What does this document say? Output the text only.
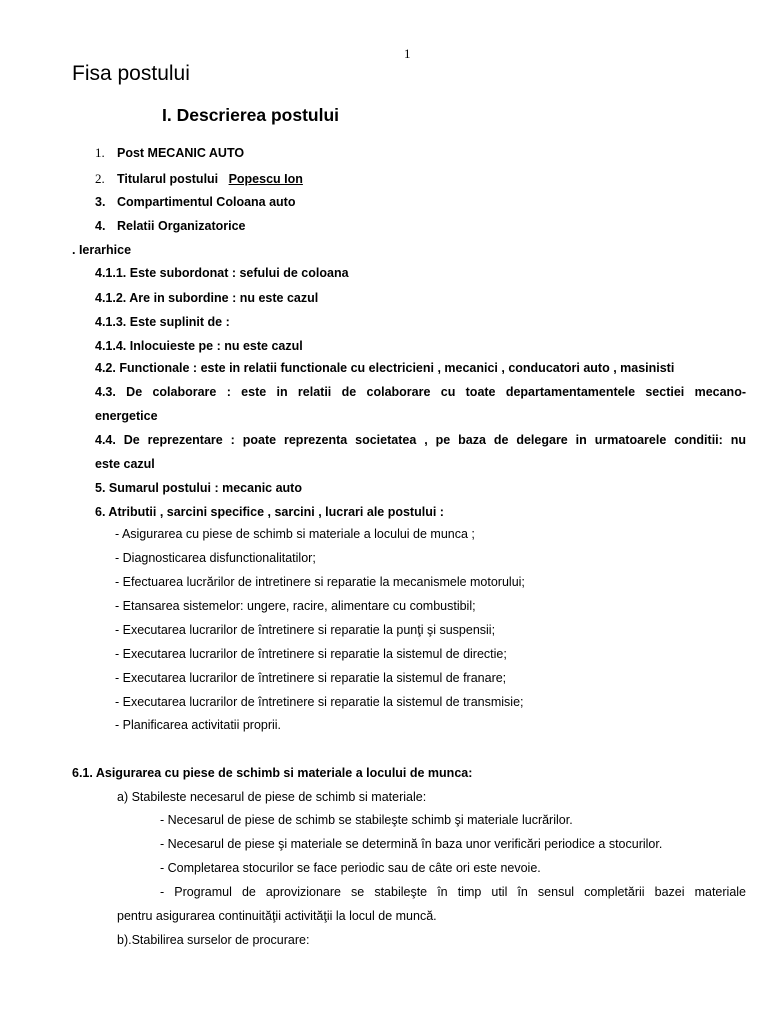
1
Fisa postului
I. Descrierea postului
1. Post MECANIC AUTO
2. Titularul postului Popescu Ion
3. Compartimentul Coloana auto
4. Relatii Organizatorice
. Ierarhice
4.1.1. Este subordonat : sefului de coloana
4.1.2. Are in subordine : nu este cazul
4.1.3. Este suplinit de :
4.1.4. Inlocuieste pe : nu este cazul
4.2. Functionale : este in relatii functionale cu electricieni , mecanici , conducatori auto , masinisti
4.3. De colaborare : este in relatii de colaborare cu toate departamentamentele sectiei mecano-
energetice
4.4. De reprezentare : poate reprezenta societatea , pe baza de delegare in urmatoarele conditii: nu
este cazul
5. Sumarul postului : mecanic auto
6. Atributii , sarcini specifice , sarcini , lucrari ale postului :
- Asigurarea cu piese de schimb si materiale a locului de munca ;
- Diagnosticarea disfunctionalitatilor;
- Efectuarea lucrărilor de intretinere si reparatie la mecanismele motorului;
- Etansarea sistemelor: ungere, racire, alimentare cu combustibil;
- Executarea lucrarilor de întretinere si reparatie la punţi şi suspensii;
- Executarea lucrarilor de întretinere si reparatie la sistemul de directie;
- Executarea lucrarilor de întretinere si reparatie la sistemul de franare;
- Executarea lucrarilor de întretinere si reparatie la sistemul de transmisie;
- Planificarea activitatii proprii.
6.1. Asigurarea cu piese de schimb si materiale a locului de munca:
a) Stabileste necesarul de piese de schimb si materiale:
- Necesarul de piese de schimb se stabileşte schimb şi materiale lucrărilor.
- Necesarul de piese şi materiale se determină în baza unor verificări periodice a stocurilor.
- Completarea stocurilor se face periodic sau de câte ori este nevoie.
- Programul de aprovizionare se stabileşte în timp util în sensul completării bazei materiale
pentru asigurarea continuităţii activităţii la locul de muncă.
b).Stabilirea surselor de procurare:
